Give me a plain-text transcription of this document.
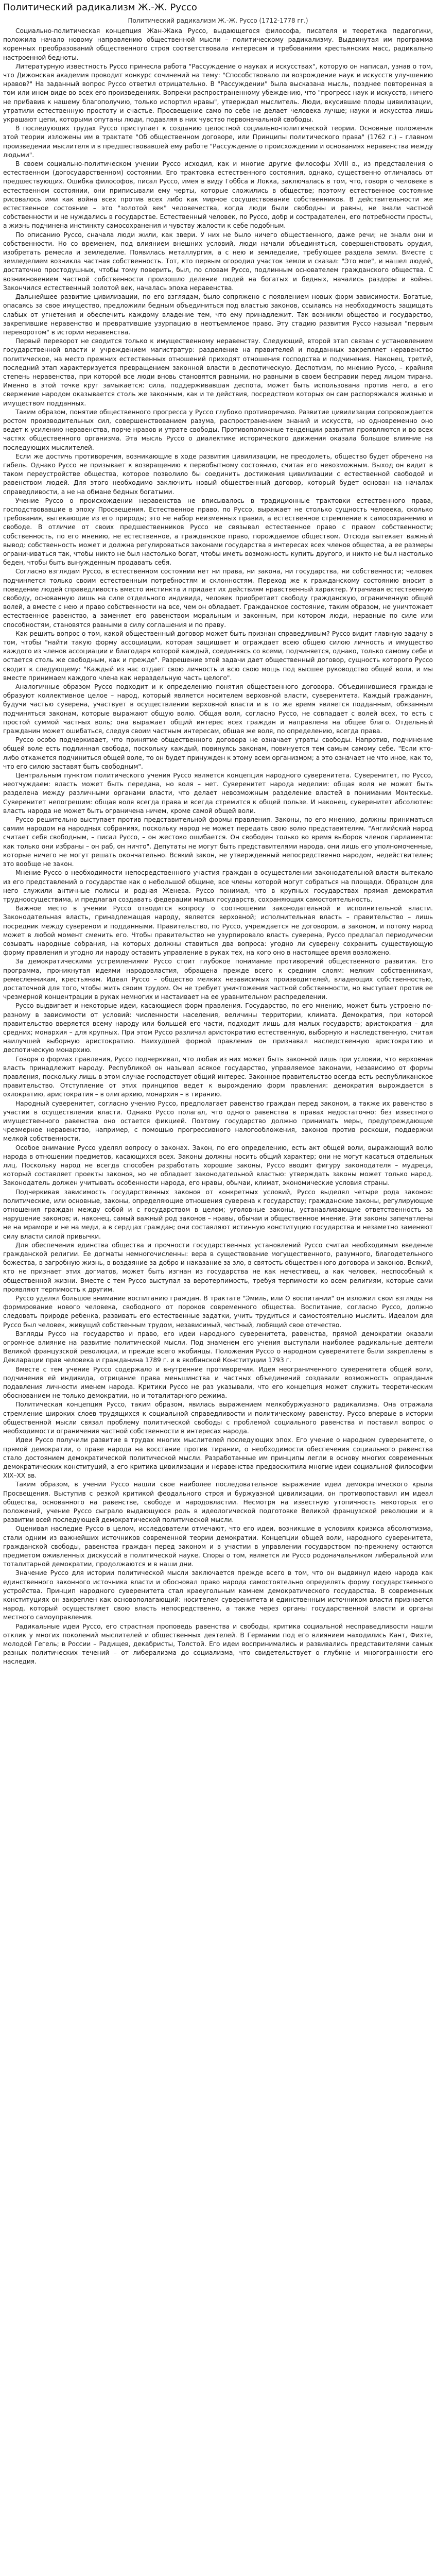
Политический радикализм Ж.-Ж. Руссо
Политический радикализм Ж.-Ж. Руссо (1712-1778 гг.)

Социально-политическая концепция Жан-Жака Руссо, выдающегося философа, писателя и теоретика педагогики, положила начало новому направлению общественной мысли – политическому радикализму. Выдвинутая им программа коренных преобразований общественного строя соответствовала интересам и требованиям крестьянских масс, радикально настроенной бедноты.

Литературную известность Руссо принесла работа "Рассуждение о науках и искусствах", которую он написал, узнав о том, что Дижонская академия проводит конкурс сочинений на тему: "Способствовало ли возрождение наук и искусств улучшению нравов?" На заданный вопрос Руссо ответил отрицательно. В "Рассуждении" была высказана мысль, позднее повторенная в том или ином виде во всех его произведениях. Вопреки распространенному убеждению, что "прогресс наук и искусств, ничего не прибавив к нашему благополучию, только испортил нравы", утверждал мыслитель. Люди, вкусившие плоды цивилизации, утратили естественную простоту и счастье. Просвещение само по себе не делает человека лучше; науки и искусства лишь украшают цепи, которыми опутаны люди, подавляя в них чувство первоначальной свободы.

В последующих трудах Руссо приступает к созданию целостной социально-политической теории. Основные положения этой теории изложены им в трактате "Об общественном договоре, или Принципы политического права" (1762 г.) – главном произведении мыслителя и в предшествовавшей ему работе "Рассуждение о происхождении и основаниях неравенства между людьми".

В своем социально-политическом учении Руссо исходил, как и многие другие философы XVIII в., из представления о естественном (догосударственном) состоянии. Его трактовка естественного состояния, однако, существенно отличалась от предшествующих. Ошибка философов, писал Руссо, имея в виду Гоббса и Локка, заключалась в том, что, говоря о человеке в естественном состоянии, они приписывали ему черты, которые сложились в обществе; поэтому естественное состояние рисовалось ими как война всех против всех либо как мирное сосуществование собственников. В действительности же естественное состояние – это "золотой век" человечества, когда люди были свободны и равны, не знали частной собственности и не нуждались в государстве. Естественный человек, по Руссо, добр и сострадателен, его потребности просты, а жизнь подчинена инстинкту самосохранения и чувству жалости к себе подобным.

По описанию Руссо, сначала люди жили, как звери. У них не было ничего общественного, даже речи; не знали они и собственности. Но со временем, под влиянием внешних условий, люди начали объединяться, совершенствовать орудия, изобретать ремесла и земледелие. Появилась металлургия, а с нею и земледелие, требующее раздела земли. Вместе с земледелием возникла частная собственность. Тот, кто первым огородил участок земли и сказал: "Это мое", и нашел людей, достаточно простодушных, чтобы тому поверить, был, по словам Руссо, подлинным основателем гражданского общества. С возникновением частной собственности произошло деление людей на богатых и бедных, начались раздоры и войны. Закончился естественный золотой век, началась эпоха неравенства.

Дальнейшее развитие цивилизации, по его взглядам, было сопряжено с появлением новых форм зависимости. Богатые, опасаясь за свое имущество, предложили бедным объединиться под властью законов, ссылаясь на необходимость защищать слабых от угнетения и обеспечить каждому владение тем, что ему принадлежит. Так возникли общество и государство, закрепившие неравенство и превратившие узурпацию в неотъемлемое право. Эту стадию развития Руссо называл "первым переворотом" в истории неравенства.

Первый переворот не сводится только к имущественному неравенству. Следующий, второй этап связан с установлением государственной власти и учреждением магистратур: разделение на правителей и подданных закрепляет неравенство политическое, на место прежних естественных отношений приходят отношения господства и подчинения. Наконец, третий, последний этап характеризуется превращением законной власти в деспотическую. Деспотизм, по мнению Руссо, – крайняя степень неравенства, при которой все люди вновь становятся равными, но равными в своем бесправии перед лицом тирана. Именно в этой точке круг замыкается: сила, поддерживавшая деспота, может быть использована против него, а его свержение народом оказывается столь же законным, как и те действия, посредством которых он сам распоряжался жизнью и имуществом подданных.

Таким образом, понятие общественного прогресса у Руссо глубоко противоречиво. Развитие цивилизации сопровождается ростом производительных сил, совершенствованием разума, распространением знаний и искусств, но одновременно оно ведет к усилению неравенства, порче нравов и утрате свободы. Противоположные тенденции развития проявляются и во всех частях общественного организма. Эта мысль Руссо о диалектике исторического движения оказала большое влияние на последующих мыслителей.

Если же достичь противоречия, возникающие в ходе развития цивилизации, не преодолеть, общество будет обречено на гибель. Однако Руссо не призывает к возвращению к первобытному состоянию, считая его невозможным. Выход он видит в таком переустройстве общества, которое позволило бы соединить достижения цивилизации с естественной свободой и равенством людей. Для этого необходимо заключить новый общественный договор, который будет основан на началах справедливости, а не на обмане бедных богатыми.

Учение Руссо о происхождении неравенства не вписывалось в традиционные трактовки естественного права, господствовавшие в эпоху Просвещения. Естественное право, по Руссо, выражает не столько сущность человека, сколько требования, вытекающие из его природы; это не набор неизменных правил, а естественное стремление к самосохранению и свободе. В отличие от своих предшественников Руссо не связывал естественное право с правом собственности; собственность, по его мнению, не естественное, а гражданское право, порождаемое обществом. Отсюда вытекает важный вывод: собственность может и должна регулироваться законами государства в интересах всех членов общества, а ее размеры ограничиваться так, чтобы никто не был настолько богат, чтобы иметь возможность купить другого, и никто не был настолько беден, чтобы быть вынужденным продавать себя.

Согласно взглядам Руссо, в естественном состоянии нет ни права, ни закона, ни государства, ни собственности; человек подчиняется только своим естественным потребностям и склонностям. Переход же к гражданскому состоянию вносит в поведение людей справедливость вместо инстинкта и придает их действиям нравственный характер. Утрачивая естественную свободу, основанную лишь на силе отдельного индивида, человек приобретает свободу гражданскую, ограниченную общей волей, а вместе с нею и право собственности на все, чем он обладает. Гражданское состояние, таким образом, не уничтожает естественное равенство, а заменяет его равенством моральным и законным, при котором люди, неравные по силе или способностям, становятся равными в силу соглашения и по праву.

Как решить вопрос о том, какой общественный договор может быть признан справедливым? Руссо видит главную задачу в том, чтобы "найти такую форму ассоциации, которая защищает и ограждает всею общею силою личность и имущество каждого из членов ассоциации и благодаря которой каждый, соединяясь со всеми, подчиняется, однако, только самому себе и остается столь же свободным, как и прежде". Разрешение этой задачи дает общественный договор, сущность которого Руссо сводит к следующему: "Каждый из нас отдает свою личность и всю свою мощь под высшее руководство общей воли, и мы вместе принимаем каждого члена как нераздельную часть целого".

Аналогичные образом Руссо подходит и к определению понятия общественного договора. Объединившиеся граждане образуют коллективное целое – народ, который является носителем верховной власти, суверенитета. Каждый гражданин, будучи частью суверена, участвует в осуществлении верховной власти и в то же время является подданным, обязанным подчиняться законам, которые выражают общую волю. Общая воля, согласно Руссо, не совпадает с волей всех, то есть с простой суммой частных воль; она выражает общий интерес всех граждан и направлена на общее благо. Отдельный гражданин может ошибаться, следуя своим частным интересам, общая же воля, по определению, всегда права.

Руссо особо подчеркивает, что принятие общественного договора не означает утраты свободы. Напротив, подчинение общей воле есть подлинная свобода, поскольку каждый, повинуясь законам, повинуется тем самым самому себе. "Если кто-либо откажется подчиниться общей воле, то он будет принужден к этому всем организмом; а это означает не что иное, как то, что его силою заставят быть свободным".

Центральным пунктом политического учения Руссо является концепция народного суверенитета. Суверенитет, по Руссо, неотчуждаем: власть может быть передана, но воля – нет. Суверенитет народа неделим: общая воля не может быть разделена между различными органами власти, что делает невозможным разделение властей в понимании Монтескье. Суверенитет непогрешим: общая воля всегда права и всегда стремится к общей пользе. И наконец, суверенитет абсолютен: власть народа не может быть ограничена ничем, кроме самой общей воли.

Руссо решительно выступает против представительной формы правления. Законы, по его мнению, должны приниматься самим народом на народных собраниях, поскольку народ не может передать свою волю представителям. "Английский народ считает себя свободным, – писал Руссо, – он жестоко ошибается. Он свободен только во время выборов членов парламента: как только они избраны – он раб, он ничто". Депутаты не могут быть представителями народа, они лишь его уполномоченные, которые ничего не могут решать окончательно. Всякий закон, не утвержденный непосредственно народом, недействителен; это вообще не закон.

Мнение Руссо о необходимости непосредственного участия граждан в осуществлении законодательной власти вытекало из его представлений о государстве как о небольшой общине, все члены которой могут собраться на площади. Образцом для него служили античные полисы и родная Женева. Руссо понимал, что в крупных государствах прямая демократия трудноосуществима, и предлагал создавать федерации малых государств, сохраняющих самостоятельность.

Важное место в учении Руссо отводится вопросу о соотношении законодательной и исполнительной власти. Законодательная власть, принадлежащая народу, является верховной; исполнительная власть – правительство – лишь посредник между сувереном и подданными. Правительство, по Руссо, учреждается не договором, а законом, и потому народ может в любой момент сменить его. Чтобы правительство не узурпировало власть суверена, Руссо предлагал периодически созывать народные собрания, на которых должны ставиться два вопроса: угодно ли суверену сохранить существующую форму правления и угодно ли народу оставить управление в руках тех, на кого оно в настоящее время возложено.

За демократическими устремлениями Руссо стоит глубокое понимание противоречий общественного развития. Его программа, проникнутая идеями народовластия, обращена прежде всего к средним слоям: мелким собственникам, ремесленникам, крестьянам. Идеал Руссо – общество мелких независимых производителей, владеющих собственностью, достаточной для того, чтобы жить своим трудом. Он не требует уничтожения частной собственности, но выступает против ее чрезмерной концентрации в руках немногих и настаивает на ее уравнительном распределении.

Руссо выдвигает и некоторые идеи, касающиеся форм правления. Государство, по его мнению, может быть устроено по-разному в зависимости от условий: численности населения, величины территории, климата. Демократия, при которой правительство вверяется всему народу или большей его части, подходит лишь для малых государств; аристократия – для средних; монархия – для крупных. При этом Руссо различал аристократию естественную, выборную и наследственную, считая наилучшей выборную аристократию. Наихудшей формой правления он признавал наследственную аристократию и деспотическую монархию.

Говоря о формах правления, Руссо подчеркивал, что любая из них может быть законной лишь при условии, что верховная власть принадлежит народу. Республикой он называл всякое государство, управляемое законами, независимо от формы правления, поскольку лишь в этом случае господствует общий интерес. Законное правительство всегда есть республиканское правительство. Отступление от этих принципов ведет к вырождению форм правления: демократия вырождается в охлократию, аристократия – в олигархию, монархия – в тиранию.

Народный суверенитет, согласно учению Руссо, предполагает равенство граждан перед законом, а также их равенство в участии в осуществлении власти. Однако Руссо полагал, что одного равенства в правах недостаточно: без известного имущественного равенства оно остается фикцией. Поэтому государство должно принимать меры, предупреждающие чрезмерное неравенство, например, с помощью прогрессивного налогообложения, законов против роскоши, поддержки мелкой собственности.

Особое внимание Руссо уделял вопросу о законах. Закон, по его определению, есть акт общей воли, выражающий волю народа в отношении предметов, касающихся всех. Законы должны носить общий характер; они не могут касаться отдельных лиц. Поскольку народ не всегда способен разработать хорошие законы, Руссо вводит фигуру законодателя – мудреца, который составляет проекты законов, но не обладает законодательной властью: утверждать законы может только народ. Законодатель должен учитывать особенности народа, его нравы, обычаи, климат, экономические условия страны.

Подчеркивая зависимость государственных законов от конкретных условий, Руссо выделял четыре рода законов: политические, или основные, законы, определяющие отношения суверена к государству; гражданские законы, регулирующие отношения граждан между собой и с государством в целом; уголовные законы, устанавливающие ответственность за нарушение законов; и, наконец, самый важный род законов – нравы, обычаи и общественное мнение. Эти законы запечатлены не на мраморе и не на меди, а в сердцах граждан; они составляют истинную конституцию государства и незаметно заменяют силу власти силой привычки.

Для обеспечения единства общества и прочности государственных установлений Руссо считал необходимым введение гражданской религии. Ее догматы немногочисленны: вера в существование могущественного, разумного, благодетельного божества, в загробную жизнь, в воздаяние за добро и наказание за зло, в святость общественного договора и законов. Всякий, кто не признает этих догматов, может быть изгнан из государства не как нечестивец, а как человек, неспособный к общественной жизни. Вместе с тем Руссо выступал за веротерпимость, требуя терпимости ко всем религиям, которые сами проявляют терпимость к другим.

Руссо уделял большое внимание воспитанию граждан. В трактате "Эмиль, или О воспитании" он изложил свои взгляды на формирование нового человека, свободного от пороков современного общества. Воспитание, согласно Руссо, должно следовать природе ребенка, развивать его естественные задатки, учить трудиться и самостоятельно мыслить. Идеалом для Руссо был человек, живущий собственным трудом, независимый, честный, любящий свое отечество.

Взгляды Руссо на государство и право, его идеи народного суверенитета, равенства, прямой демократии оказали огромное влияние на развитие политической мысли. Под знаменем его учения выступали наиболее радикальные деятели Великой французской революции, и прежде всего якобинцы. Положения Руссо о народном суверенитете были закреплены в Декларации прав человека и гражданина 1789 г. и в якобинской Конституции 1793 г.

Вместе с тем учение Руссо содержало и внутренние противоречия. Идея неограниченного суверенитета общей воли, подчинения ей индивида, отрицание права меньшинства и частных объединений создавали возможность оправдания подавления личности именем народа. Критики Руссо не раз указывали, что его концепция может служить теоретическим обоснованием не только демократии, но и тоталитарного режима.

Политическая концепция Руссо, таким образом, явилась выражением мелкобуржуазного радикализма. Она отражала стремление широких слоев трудящихся к социальной справедливости и политическому равенству. Руссо впервые в истории общественной мысли связал проблему политической свободы с проблемой социального равенства и поставил вопрос о необходимости ограничения частной собственности в интересах народа.

Идеи Руссо получили развитие в трудах многих мыслителей последующих эпох. Его учение о народном суверенитете, о прямой демократии, о праве народа на восстание против тирании, о необходимости обеспечения социального равенства стало достоянием демократической политической мысли. Разработанные им принципы легли в основу многих современных демократических конституций, а его критика цивилизации и неравенства предвосхитила многие идеи социальной философии XIX–XX вв.

Таким образом, в учении Руссо нашли свое наиболее последовательное выражение идеи демократического крыла Просвещения. Выступив с резкой критикой феодального строя и буржуазной цивилизации, он противопоставил им идеал общества, основанного на равенстве, свободе и народовластии. Несмотря на известную утопичность некоторых его положений, учение Руссо сыграло выдающуюся роль в идеологической подготовке Великой французской революции и в развитии всей последующей демократической политической мысли.

Оценивая наследие Руссо в целом, исследователи отмечают, что его идеи, возникшие в условиях кризиса абсолютизма, стали одним из важнейших источников современной теории демократии. Концепции общей воли, народного суверенитета, гражданской свободы, равенства граждан перед законом и в участии в управлении государством по-прежнему остаются предметом оживленных дискуссий в политической науке. Споры о том, является ли Руссо родоначальником либеральной или тоталитарной демократии, продолжаются и в наши дни.

Значение Руссо для истории политической мысли заключается прежде всего в том, что он выдвинул идею народа как единственного законного источника власти и обосновал право народа самостоятельно определять форму государственного устройства. Принцип народного суверенитета стал краеугольным камнем демократического государства. В современных конституциях он закреплен как основополагающий: носителем суверенитета и единственным источником власти признается народ, который осуществляет свою власть непосредственно, а также через органы государственной власти и органы местного самоуправления.

Радикальные идеи Руссо, его страстная проповедь равенства и свободы, критика социальной несправедливости нашли отклик у многих поколений мыслителей и общественных деятелей. В Германии под его влиянием находились Кант, Фихте, молодой Гегель; в России – Радищев, декабристы, Толстой. Его идеи воспринимались и развивались представителями самых разных политических течений – от либерализма до социализма, что свидетельствует о глубине и многогранности его наследия.
